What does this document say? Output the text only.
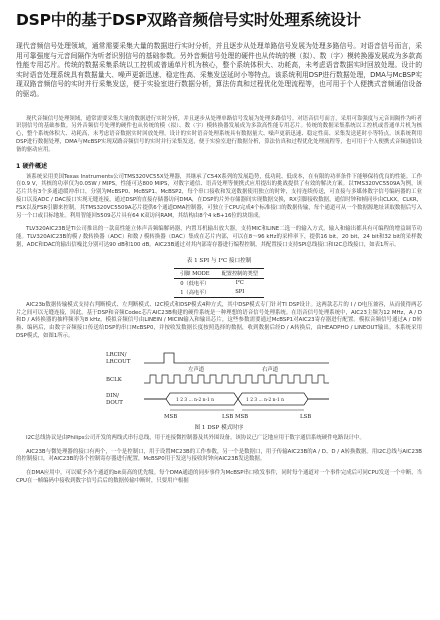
DSP中的基于DSP双路音频信号实时处理系统设计

现代音频信号处理领域，通常需要采集大量的数据进行实时分析，并且逐步从处理单路信号发展为处理多路信号。对语音信号而言，采用可靠强度与元音间隔作为听者识别信号的基础参数。另外音频信号处理的硬件也从传统的模（拟）、数（字）模转换器发展成为多款高性能专用芯片。传统的数据采集系统以工控机或普通单片机为核心，整个系统体积大、功耗高，未考虑语音数据实时回放处理。设计的实时语音处理系统具有数据量大、噪声更新迅速、稳定性高、采集发送延时小等特点。该系统利用DSP进行数据处理，DMA与McBSP实现双路音频信号的实时并行采集发送，便于实验室进行数据分析，算法仿真和过程优化处理流程等，也可用于个人便携式音频通信设备的驱动。

现代音频信号处理领域，通常需要采集大量的数据进行实时分析，并且逐步从处理单路信号发展为处理多路信号。对语音信号而言，采用可靠强度与元音间隔作为听者识别信号的基础参数。另外音频信号处理的硬件也从传统的模（拟）、数（字）模转换器发展成为多款高性能专用芯片。传统的数据采集系统以工控机或普通单片机为核心，整个系统体积大、功耗高，未考虑语音数据实时回放处理。设计的实时语音处理系统具有数据量大、噪声更新迅速、稳定性高、采集发送延时小等特点。该系统利用DSP进行数据处理，DMA与McBSP实现双路音频信号的实时并行采集发送，便于实验室进行数据分析，算法仿真和过程优化处理流程等，也可用于个人便携式音频通信设备的驱动应用。

1 硬件概述

该系统采用美国Texas Instruments公司TMS320VC55X处理器，其继承了C54X系列的发展趋势，低功耗、低成本，在有限的功率条件下能够保持优良的性能。工作在0.9 V，其核的功率仅为0.05W / MIPS，性能可达800 MIPS，对数字通信、语音处理等便携式应用提出的挑战提供了有效的解决方案。以TMS320VC5509A为例，该芯片共有3个多通道缓冲串口，分别为McBSP0、McBSP1、McBSP2，每个串口接收和发送数据使用独立的时钟，支持连续传送，可直接与多媒体数字信号编码器的工业接口以及ADC / DAC接口实现无缝连接，通过DSP的直接存储器访问DMA，在DSP的片外存储器间实现数据交换，RX引脚接收数据，通信时钟和帧同步由CLKX，CLKR，FSX以及FSR引脚来控制。其TMS320VC5509A芯片提供6个通道DMA控制器，可独立于CPU完成4个标准接口的数据传输，每个通道可从一个数据源地址读取数据后写入另一个口或目标地址。利用智能回5509芯片具有64 K双访问RAM，其结构由8个4 kB+16位的块组成。

TLV320AIC23B是TI公司推出的一款高性能立体声音频编解码器，内置耳机输出放大器，支持MIC和LINE二选一的输入方式。输入和输出都具有可编程的增益调节功能。TLV320AIC23B的模 / 数转换器（ADC）和数 / 模转换器（DAC）集成在芯片内部，可以在8～96 kHz的采样率下，提供16 bit、20 bit、24 bit和32 bit的采样数据，ADC和DAC的输出信噪比分别可达90 dB和100 dB。AIC23B通过对其内部寄存器进行编程控制，其配置接口支持SPI总线接口和I2C总线接口，如表1所示。

表 1 SPI 与 I²C 接口控制
引脚 MODE	配置控制的类型
0（低电平）	I²C
1（高电平）	SPI

AIC23b数据传输模式支持右判断模式、左判断模式、I2C模式和DSP模式4种方式，其中DSP模式专门针对TI DSP设计。这两款芯片的 I / O电压兼容，从而使得两芯片之间可以无缝连接，因此，基于DSP和音频Codec芯片AIC23B构建的硬件系统是一种理想的语音信号处理系统。在语音信号处理系统中，AIC23主频为12 MHz，A / D和D / A转换器的抽样频率为8 kHz，模拟音频信号由LINEIN / MICIN输入和输出芯片，这些参数需要通过McBSP1对AIC23寄存器进行配置。模拟音频信号通过A / D转换、编码后，由数字音频接口传送给DSP的串口McBSP0，并按收发数据长度按照选择的数据，收到数据后经D / A转换后，由HEADPHO / LINEOUT输出。本系统采用DSP模式，如图1所示。

LRCIN/
LRCOUT
BCLK
DIN/
DOUT	1 2 3 ... n-2 n-1 n	1 2 3 ... n-2 n-1 n
左声道	右声道
MSB	LSB MSB	LSB
图 1 DSP 模式时序

I2C总线协议是由Philips公司开发的两线式串行总线，用于连接微控制器及其外围设备，该协议已广泛地应用于数字通信系统硬件电路设计中。

AIC23B与微处理器的接口有两个，一个是控制口，用于设置MC23B的工作参数，另一个是数据口，用于传输AIC23B的A / D、D / A转换数据。用I2C总线与AIC23B的控制接口，对AIC23B的各个控制寄存器进行配置，McBSP0用于发送与接收时钟向AIC23B发送数据。

在DMA应用中，可以赋予各个通道的bit高高的优先级。每个DMA通道的同步事件为McBSP串口收发事件，同时每个通道对一个事件完成后可同CPU发送一个中断，当CPU在一帧编码中接收到数字信号后后的数据传输中断时，只要用户根据
